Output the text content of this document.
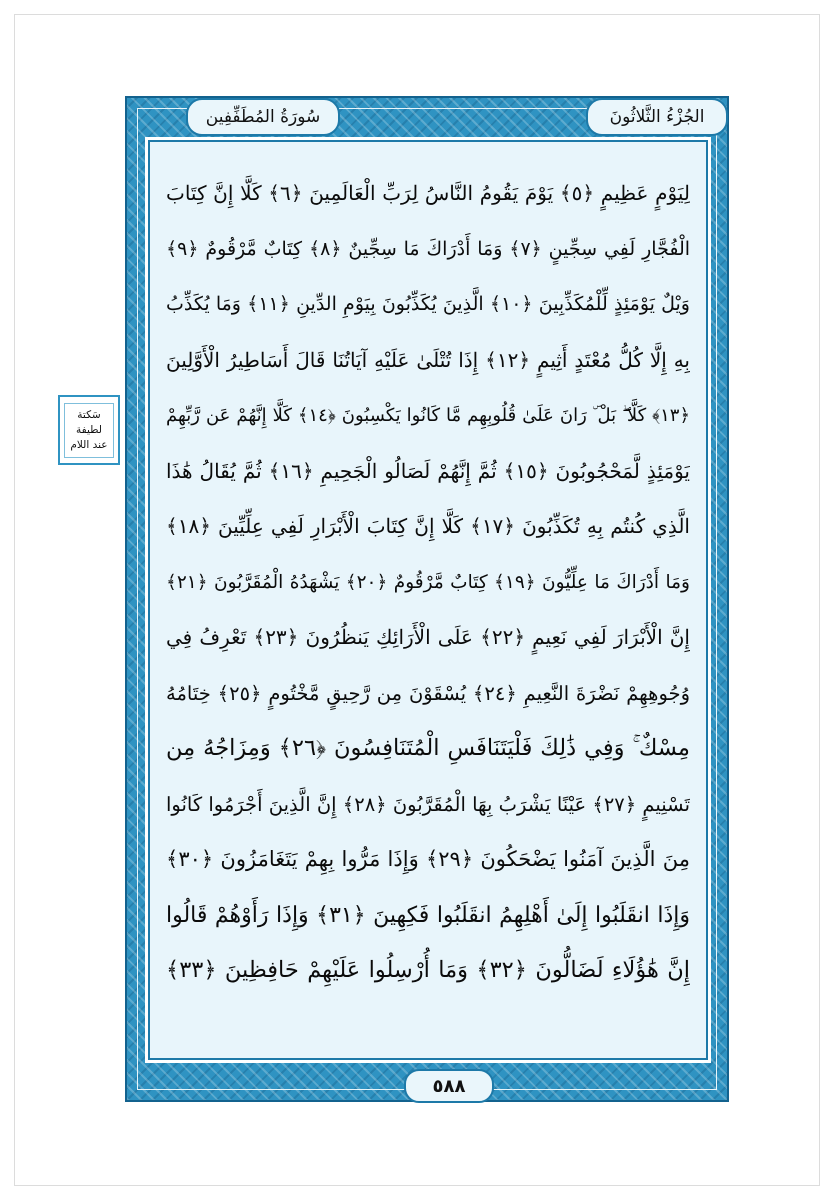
سُورَةُ المُطَفِّفِين	الجُزْءُ الثَّلاثُونَ
لِيَوْمٍ عَظِيمٍ ﴿٥﴾ يَوْمَ يَقُومُ النَّاسُ لِرَبِّ الْعَالَمِينَ ﴿٦﴾ كَلَّا إِنَّ كِتَابَ
الْفُجَّارِ لَفِي سِجِّينٍ ﴿٧﴾ وَمَا أَدْرَاكَ مَا سِجِّينٌ ﴿٨﴾ كِتَابٌ مَّرْقُومٌ ﴿٩﴾
وَيْلٌ يَوْمَئِذٍ لِّلْمُكَذِّبِينَ ﴿١٠﴾ الَّذِينَ يُكَذِّبُونَ بِيَوْمِ الدِّينِ ﴿١١﴾ وَمَا يُكَذِّبُ
بِهِ إِلَّا كُلُّ مُعْتَدٍ أَثِيمٍ ﴿١٢﴾ إِذَا تُتْلَىٰ عَلَيْهِ آيَاتُنَا قَالَ أَسَاطِيرُ الْأَوَّلِينَ
﴿١٣﴾ كَلَّا ۖ بَلْ ۜ رَانَ عَلَىٰ قُلُوبِهِم مَّا كَانُوا يَكْسِبُونَ ﴿١٤﴾ كَلَّا إِنَّهُمْ عَن رَّبِّهِمْ
يَوْمَئِذٍ لَّمَحْجُوبُونَ ﴿١٥﴾ ثُمَّ إِنَّهُمْ لَصَالُو الْجَحِيمِ ﴿١٦﴾ ثُمَّ يُقَالُ هَٰذَا
الَّذِي كُنتُم بِهِ تُكَذِّبُونَ ﴿١٧﴾ كَلَّا إِنَّ كِتَابَ الْأَبْرَارِ لَفِي عِلِّيِّينَ ﴿١٨﴾
وَمَا أَدْرَاكَ مَا عِلِّيُّونَ ﴿١٩﴾ كِتَابٌ مَّرْقُومٌ ﴿٢٠﴾ يَشْهَدُهُ الْمُقَرَّبُونَ ﴿٢١﴾
إِنَّ الْأَبْرَارَ لَفِي نَعِيمٍ ﴿٢٢﴾ عَلَى الْأَرَائِكِ يَنظُرُونَ ﴿٢٣﴾ تَعْرِفُ فِي
وُجُوهِهِمْ نَضْرَةَ النَّعِيمِ ﴿٢٤﴾ يُسْقَوْنَ مِن رَّحِيقٍ مَّخْتُومٍ ﴿٢٥﴾ خِتَامُهُ
مِسْكٌ ۚ وَفِي ذَٰلِكَ فَلْيَتَنَافَسِ الْمُتَنَافِسُونَ ﴿٢٦﴾ وَمِزَاجُهُ مِن
تَسْنِيمٍ ﴿٢٧﴾ عَيْنًا يَشْرَبُ بِهَا الْمُقَرَّبُونَ ﴿٢٨﴾ إِنَّ الَّذِينَ أَجْرَمُوا كَانُوا
مِنَ الَّذِينَ آمَنُوا يَضْحَكُونَ ﴿٢٩﴾ وَإِذَا مَرُّوا بِهِمْ يَتَغَامَزُونَ ﴿٣٠﴾
وَإِذَا انقَلَبُوا إِلَىٰ أَهْلِهِمُ انقَلَبُوا فَكِهِينَ ﴿٣١﴾ وَإِذَا رَأَوْهُمْ قَالُوا
إِنَّ هَٰؤُلَاءِ لَضَالُّونَ ﴿٣٢﴾ وَمَا أُرْسِلُوا عَلَيْهِمْ حَافِظِينَ ﴿٣٣﴾
٥٨٨
سَكتة لطيفة عند اللام
